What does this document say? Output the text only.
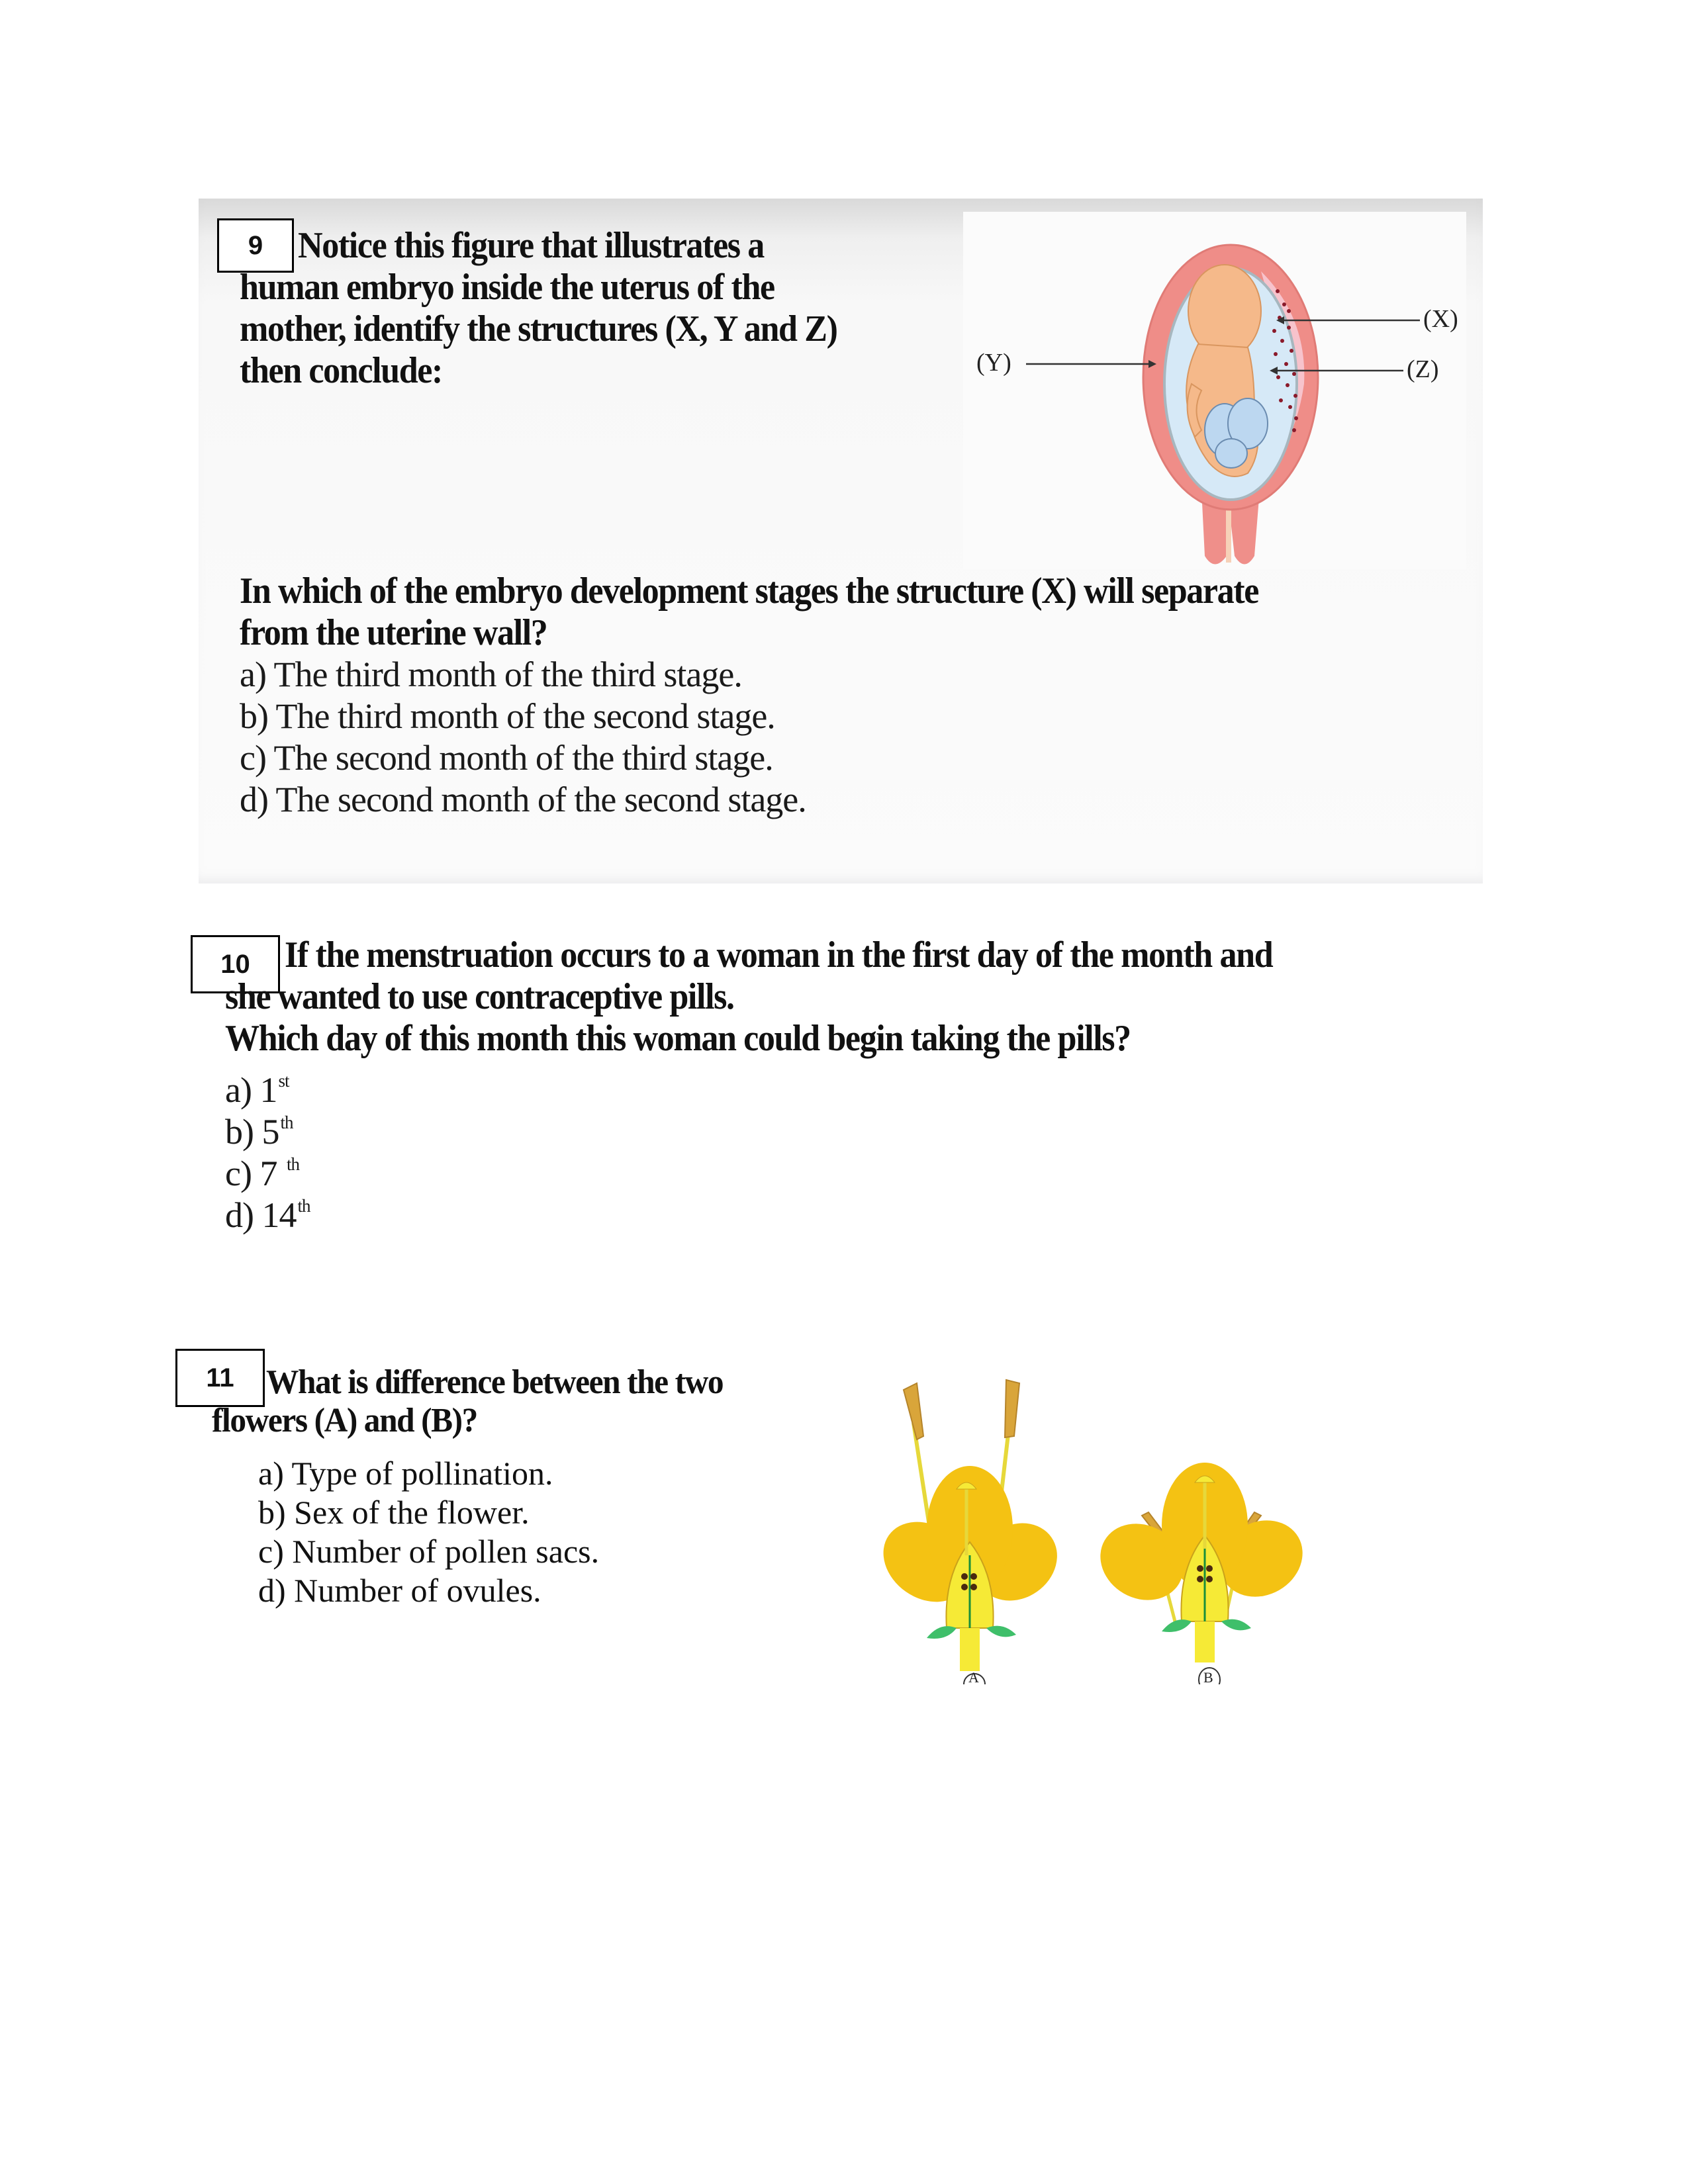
9 Notice this figure that illustrates a
human embryo inside the uterus of the
mother, identify the structures (X, Y and Z)
then conclude:
(X)
(Y)	(Z)
In which of the embryo development stages the structure (X) will separate
from the uterine wall?
a) The third month of the third stage.
b) The third month of the second stage.
c) The second month of the third stage.
d) The second month of the second stage.
10 If the menstruation occurs to a woman in the first day of the month and
she wanted to use contraceptive pills.
Which day of this month this woman could begin taking the pills?
a) 1st
b) 5th
c) 7 $^{th}$
d) 14th
11 What is difference between the two
flowers (A) and (B)?
a) Type of pollination.
b) Sex of the flower.
c) Number of pollen sacs.
d) Number of ovules.
A	B
